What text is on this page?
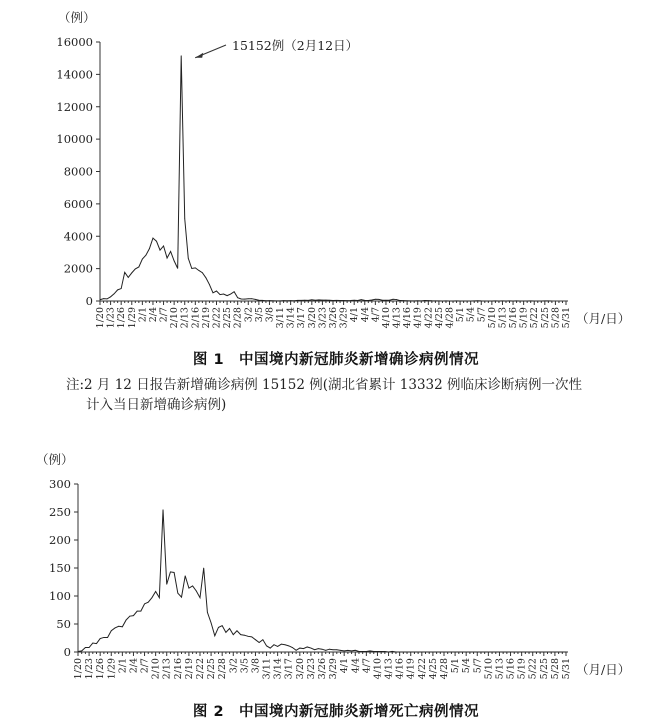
0
2000
4000
6000
8000
10000
12000
14000
16000
1/20 1/23 1/26 1/29 2/1 2/4 2/7 2/10 2/13 2/16 2/19 2/22 2/25 2/28 3/2 3/5 3/8 3/11 3/14 3/17 3/20 3/23 3/26 3/29 4/1 4/4 4/7 4/10 4/13 4/16 4/19 4/22 4/25 4/28 5/1 5/4 5/7 5/10 5/13 5/16 5/19 5/22 5/25 5/28 5/31
（例）
（月/日）
15152例（2月12日）
图 1　中国境内新冠肺炎新增确诊病例情况
注:2 月 12 日报告新增确诊病例 15152 例(湖北省累计 13332 例临床诊断病例一次性
计入当日新增确诊病例)
0
50
100
150
200
250
300
1/20 1/23 1/26 1/29 2/1 2/4 2/7 2/10 2/13 2/16 2/19 2/22 2/25 2/28 3/2 3/5 3/8 3/11 3/14 3/17 3/20 3/23 3/26 3/29 4/1 4/4 4/7 4/10 4/13 4/16 4/19 4/22 4/25 4/28 5/1 5/4 5/7 5/10 5/13 5/16 5/19 5/22 5/25 5/28 5/31
（例）
（月/日）
图 2　中国境内新冠肺炎新增死亡病例情况
